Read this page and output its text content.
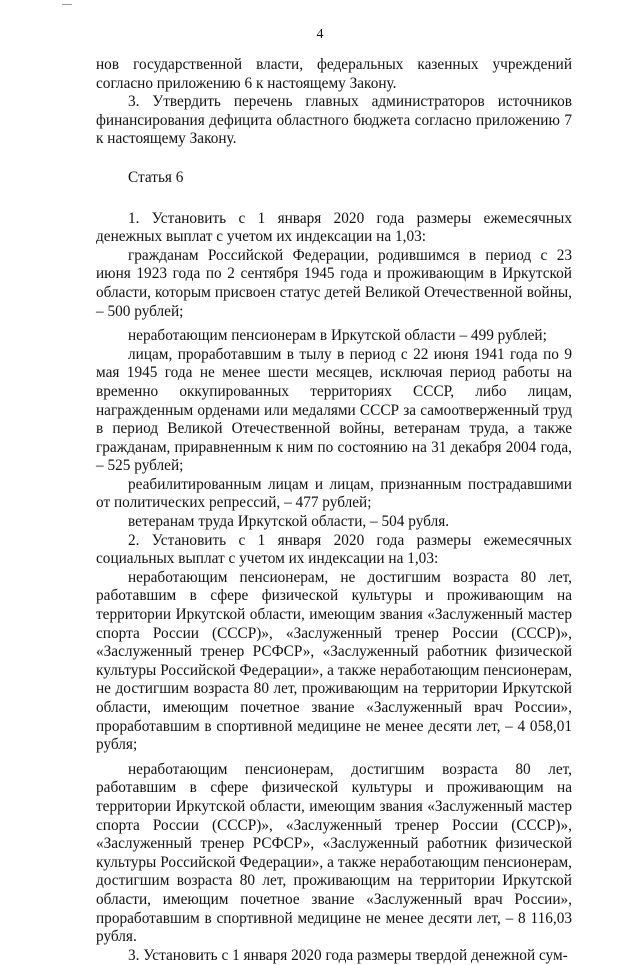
4

нов государственной власти, федеральных казенных учреждений согласно приложению 6 к настоящему Закону.

3. Утвердить перечень главных администраторов источников финансирования дефицита областного бюджета согласно приложению 7 к настоящему Закону.

Статья 6

1. Установить с 1 января 2020 года размеры ежемесячных денежных выплат с учетом их индексации на 1,03:

гражданам Российской Федерации, родившимся в период с 23 июня 1923 года по 2 сентября 1945 года и проживающим в Иркутской области, которым присвоен статус детей Великой Отечественной войны, – 500 рублей;

неработающим пенсионерам в Иркутской области – 499 рублей;

лицам, проработавшим в тылу в период с 22 июня 1941 года по 9 мая 1945 года не менее шести месяцев, исключая период работы на временно оккупированных территориях СССР, либо лицам, награжденным орденами или медалями СССР за самоотверженный труд в период Великой Отечественной войны, ветеранам труда, а также гражданам, приравненным к ним по состоянию на 31 декабря 2004 года, – 525 рублей;

реабилитированным лицам и лицам, признанным пострадавшими от политических репрессий, – 477 рублей;

ветеранам труда Иркутской области, – 504 рубля.

2. Установить с 1 января 2020 года размеры ежемесячных социальных выплат с учетом их индексации на 1,03:

неработающим пенсионерам, не достигшим возраста 80 лет, работавшим в сфере физической культуры и проживающим на территории Иркутской области, имеющим звания «Заслуженный мастер спорта России (СССР)», «Заслуженный тренер России (СССР)», «Заслуженный тренер РСФСР», «Заслуженный работник физической культуры Российской Федерации», а также неработающим пенсионерам, не достигшим возраста 80 лет, проживающим на территории Иркутской области, имеющим почетное звание «Заслуженный врач России», проработавшим в спортивной медицине не менее десяти лет, – 4 058,01 рубля;

неработающим пенсионерам, достигшим возраста 80 лет, работавшим в сфере физической культуры и проживающим на территории Иркутской области, имеющим звания «Заслуженный мастер спорта России (СССР)», «Заслуженный тренер России (СССР)», «Заслуженный тренер РСФСР», «Заслуженный работник физической культуры Российской Федерации», а также неработающим пенсионерам, достигшим возраста 80 лет, проживающим на территории Иркутской области, имеющим почетное звание «Заслуженный врач России», проработавшим в спортивной медицине не менее десяти лет, – 8 116,03 рубля.

3. Установить с 1 января 2020 года размеры твердой денежной сум-
